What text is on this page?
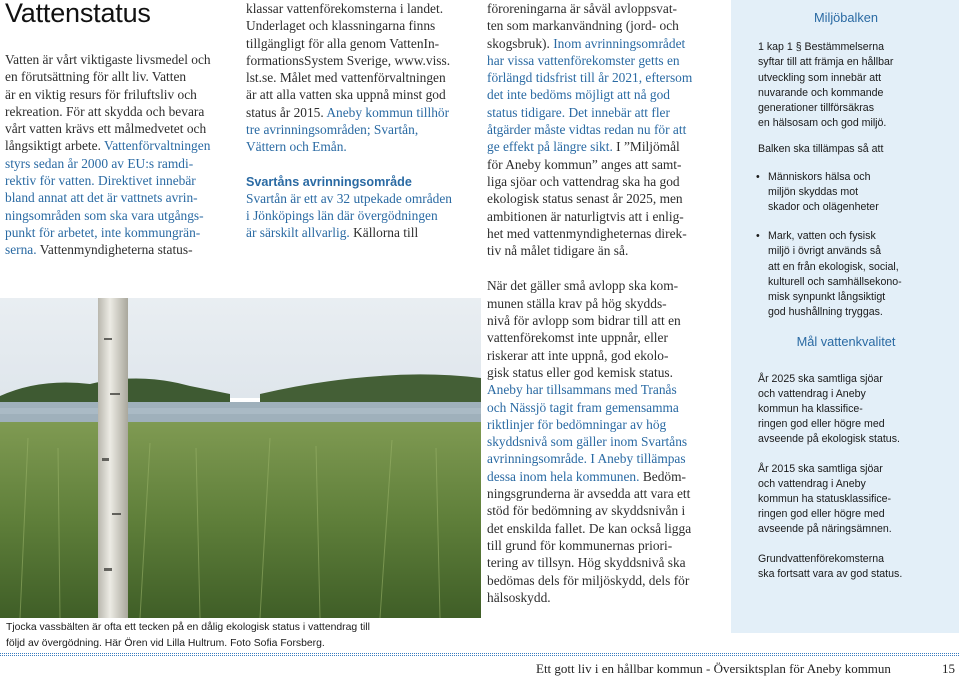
Vattenstatus

Vatten är vårt viktigaste livsmedel och
en förutsättning för allt liv. Vatten
är en viktig resurs för friluftsliv och
rekreation. För att skydda och bevara
vårt vatten krävs ett målmedvetet och
långsiktigt arbete. Vattenförvaltningen
styrs sedan år 2000 av EU:s ramdi-
rektiv för vatten. Direktivet innebär
bland annat att det är vattnets avrin-
ningsområden som ska vara utgångs-
punkt för arbetet, inte kommungrän-
serna. Vattenmyndigheterna status-

klassar vattenförekomsterna i landet.
Underlaget och klassningarna finns
tillgängligt för alla genom VattenIn-
formationsSystem Sverige, www.viss.
lst.se. Målet med vattenförvaltningen
är att alla vatten ska uppnå minst god
status år 2015. Aneby kommun tillhör
tre avrinningsområden; Svartån,
Vättern och Emån.

Svartåns avrinningsområde

Svartån är ett av 32 utpekade områden
i Jönköpings län där övergödningen
är särskilt allvarlig. Källorna till

föroreningarna är såväl avloppsvat-
ten som markanvändning (jord- och
skogsbruk). Inom avrinningsområdet
har vissa vattenförekomster getts en
förlängd tidsfrist till år 2021, eftersom
det inte bedöms möjligt att nå god
status tidigare. Det innebär att fler
åtgärder måste vidtas redan nu för att
ge effekt på längre sikt. I ”Miljömål
för Aneby kommun” anges att samt-
liga sjöar och vattendrag ska ha god
ekologisk status senast år 2025, men
ambitionen är naturligtvis att i enlig-
het med vattenmyndigheternas direk-
tiv nå målet tidigare än så.

När det gäller små avlopp ska kom-
munen ställa krav på hög skydds-
nivå för avlopp som bidrar till att en
vattenförekomst inte uppnår, eller
riskerar att inte uppnå, god ekolo-
gisk status eller god kemisk status.
Aneby har tillsammans med Tranås
och Nässjö tagit fram gemensamma
riktlinjer för bedömningar av hög
skyddsnivå som gäller inom Svartåns
avrinningsområde. I Aneby tillämpas
dessa inom hela kommunen. Bedöm-
ningsgrunderna är avsedda att vara ett
stöd för bedömning av skyddsnivån i
det enskilda fallet. De kan också ligga
till grund för kommunernas priori-
tering av tillsyn. Hög skyddsnivå ska
bedömas dels för miljöskydd, dels för
hälsoskydd.

Tjocka vassbälten är ofta ett tecken på en dålig ekologisk status i vattendrag till
följd av övergödning. Här Ören vid Lilla Hultrum. Foto Sofia Forsberg.
Miljöbalken

1 kap 1 § Bestämmelserna
syftar till att främja en hållbar
utveckling som innebär att
nuvarande och kommande
generationer tillförsäkras
en hälsosam och god miljö.

Balken ska tillämpas så att

• Människors hälsa och
miljön skyddas mot
skador och olägenheter

• Mark, vatten och fysisk
miljö i övrigt används så
att en från ekologisk, social,
kulturell och samhällsekono-
misk synpunkt långsiktigt
god hushållning tryggas.

Mål vattenkvalitet

År 2025 ska samtliga sjöar
och vattendrag i Aneby
kommun ha klassifice-
ringen god eller högre med
avseende på ekologisk status.

År 2015 ska samtliga sjöar
och vattendrag i Aneby
kommun ha statusklassifice-
ringen god eller högre med
avseende på näringsämnen.

Grundvattenförekomsterna
ska fortsatt vara av god status.

Ett gott liv i en hållbar kommun - Översiktsplan för Aneby kommun	15
